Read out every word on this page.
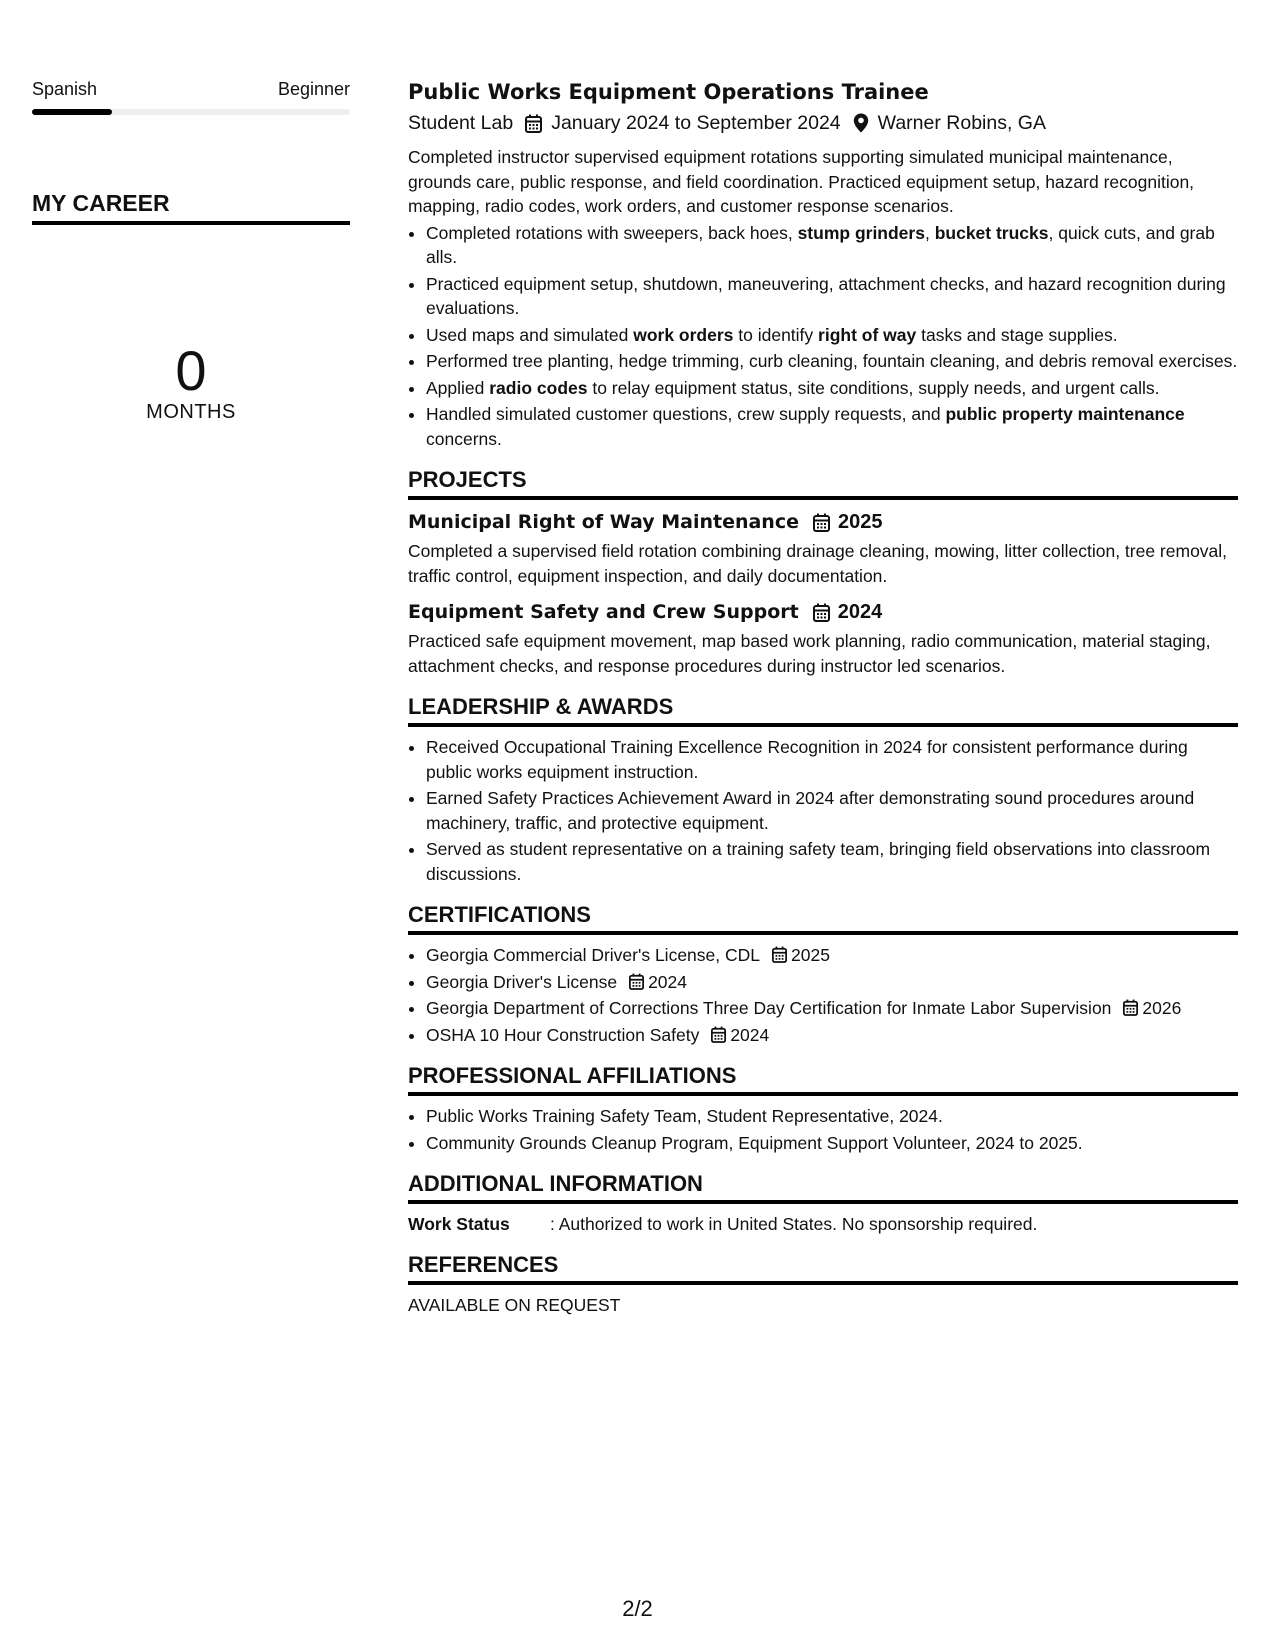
Spanish	Beginner
MY CAREER
0
MONTHS
Public Works Equipment Operations Trainee
Student Lab January 2024 to September 2024 Warner Robins, GA
Completed instructor supervised equipment rotations supporting simulated municipal maintenance, grounds care, public response, and field coordination. Practiced equipment setup, hazard recognition, mapping, radio codes, work orders, and customer response scenarios.
• Completed rotations with sweepers, back hoes, stump grinders, bucket trucks, quick cuts, and grab alls.
• Practiced equipment setup, shutdown, maneuvering, attachment checks, and hazard recognition during evaluations.
• Used maps and simulated work orders to identify right of way tasks and stage supplies.
• Performed tree planting, hedge trimming, curb cleaning, fountain cleaning, and debris removal exercises.
• Applied radio codes to relay equipment status, site conditions, supply needs, and urgent calls.
• Handled simulated customer questions, crew supply requests, and public property maintenance concerns.
PROJECTS
Municipal Right of Way Maintenance 2025
Completed a supervised field rotation combining drainage cleaning, mowing, litter collection, tree removal, traffic control, equipment inspection, and daily documentation.
Equipment Safety and Crew Support 2024
Practiced safe equipment movement, map based work planning, radio communication, material staging, attachment checks, and response procedures during instructor led scenarios.
LEADERSHIP & AWARDS
• Received Occupational Training Excellence Recognition in 2024 for consistent performance during public works equipment instruction.
• Earned Safety Practices Achievement Award in 2024 after demonstrating sound procedures around machinery, traffic, and protective equipment.
• Served as student representative on a training safety team, bringing field observations into classroom discussions.
CERTIFICATIONS
• Georgia Commercial Driver's License, CDL 2025
• Georgia Driver's License 2024
• Georgia Department of Corrections Three Day Certification for Inmate Labor Supervision 2026
• OSHA 10 Hour Construction Safety 2024
PROFESSIONAL AFFILIATIONS
• Public Works Training Safety Team, Student Representative, 2024.
• Community Grounds Cleanup Program, Equipment Support Volunteer, 2024 to 2025.
ADDITIONAL INFORMATION
Work Status	: Authorized to work in United States. No sponsorship required.
REFERENCES
AVAILABLE ON REQUEST
2/2
